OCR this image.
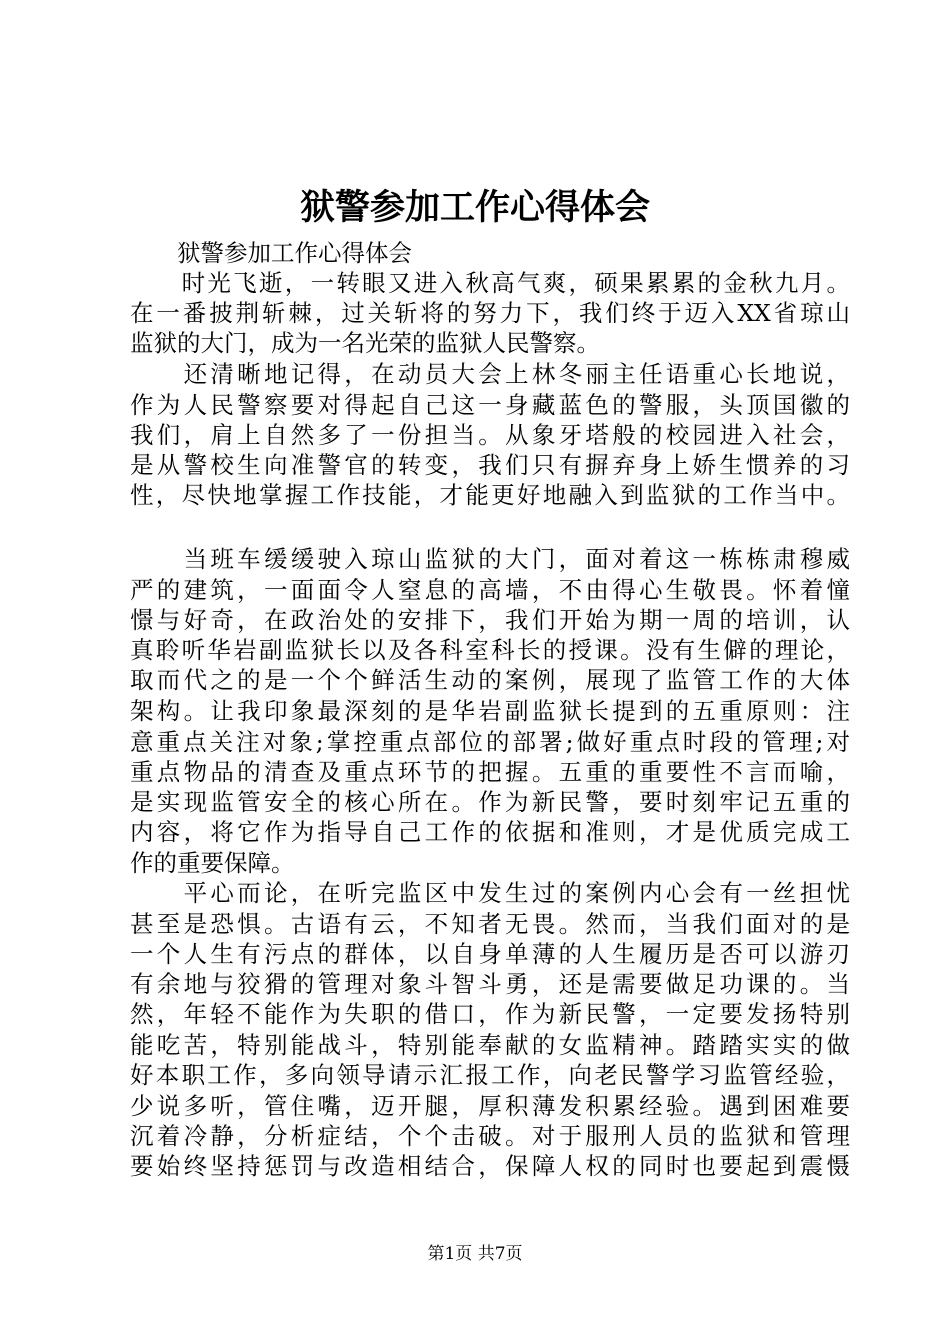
狱警参加工作心得体会

　　狱警参加工作心得体会

　　时光飞逝，一转眼又进入秋高气爽，硕果累累的金秋九月。

在一番披荆斩棘，过关斩将的努力下，我们终于迈入XX省琼山

监狱的大门，成为一名光荣的监狱人民警察。

　　还清晰地记得，在动员大会上林冬丽主任语重心长地说，

作为人民警察要对得起自己这一身藏蓝色的警服，头顶国徽的

我们，肩上自然多了一份担当。从象牙塔般的校园进入社会，

是从警校生向准警官的转变，我们只有摒弃身上娇生惯养的习

性，尽快地掌握工作技能，才能更好地融入到监狱的工作当中。

　　当班车缓缓驶入琼山监狱的大门，面对着这一栋栋肃穆威

严的建筑，一面面令人窒息的高墙，不由得心生敬畏。怀着憧

憬与好奇，在政治处的安排下，我们开始为期一周的培训，认

真聆听华岩副监狱长以及各科室科长的授课。没有生僻的理论，

取而代之的是一个个鲜活生动的案例，展现了监管工作的大体

架构。让我印象最深刻的是华岩副监狱长提到的五重原则：注

意重点关注对象;掌控重点部位的部署;做好重点时段的管理;对

重点物品的清查及重点环节的把握。五重的重要性不言而喻，

是实现监管安全的核心所在。作为新民警，要时刻牢记五重的

内容，将它作为指导自己工作的依据和准则，才是优质完成工

作的重要保障。

　　平心而论，在听完监区中发生过的案例内心会有一丝担忧

甚至是恐惧。古语有云，不知者无畏。然而，当我们面对的是

一个人生有污点的群体，以自身单薄的人生履历是否可以游刃

有余地与狡猾的管理对象斗智斗勇，还是需要做足功课的。当

然，年轻不能作为失职的借口，作为新民警，一定要发扬特别

能吃苦，特别能战斗，特别能奉献的女监精神。踏踏实实的做

好本职工作，多向领导请示汇报工作，向老民警学习监管经验，

少说多听，管住嘴，迈开腿，厚积薄发积累经验。遇到困难要

沉着冷静，分析症结，个个击破。对于服刑人员的监狱和管理

要始终坚持惩罚与改造相结合，保障人权的同时也要起到震慑

第1页 共7页
